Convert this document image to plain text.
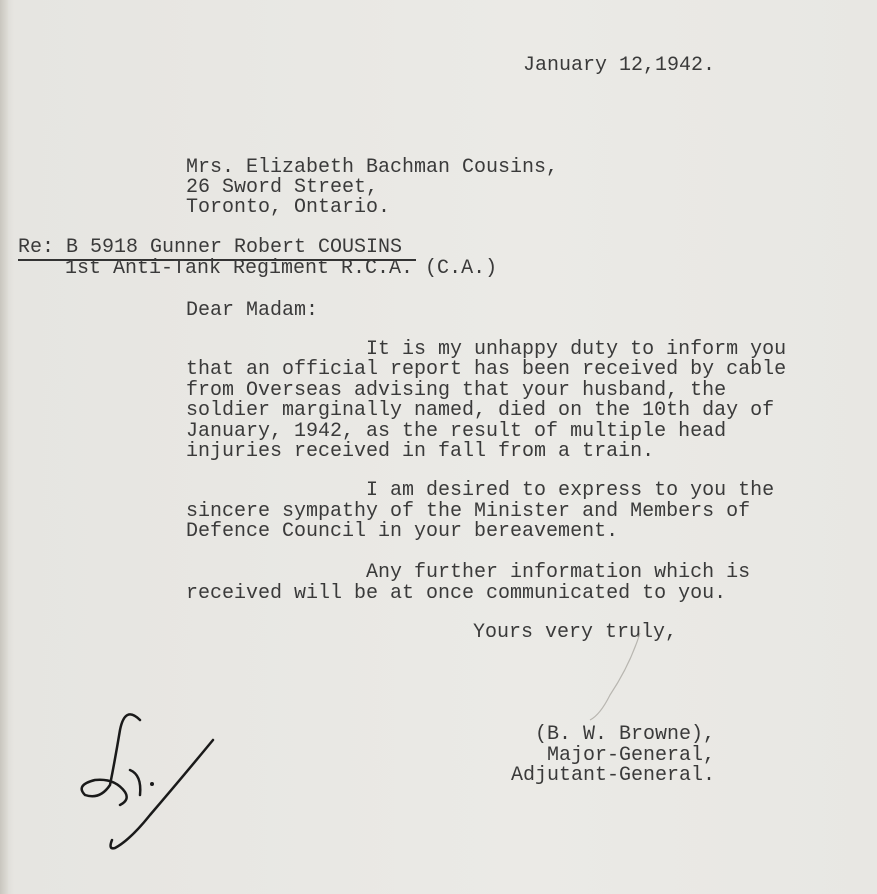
January 12,1942.
Mrs. Elizabeth Bachman Cousins,
26 Sword Street,
Toronto, Ontario.
Re: B 5918 Gunner Robert COUSINS
1st Anti-Tank Regiment R.C.A. (C.A.)
Dear Madam:
It is my unhappy duty to inform you
that an official report has been received by cable
from Overseas advising that your husband, the
soldier marginally named, died on the 10th day of
January, 1942, as the result of multiple head
injuries received in fall from a train.
I am desired to express to you the
sincere sympathy of the Minister and Members of
Defence Council in your bereavement.
Any further information which is
received will be at once communicated to you.
Yours very truly,
(B. W. Browne),
Major-General,
Adjutant-General.
